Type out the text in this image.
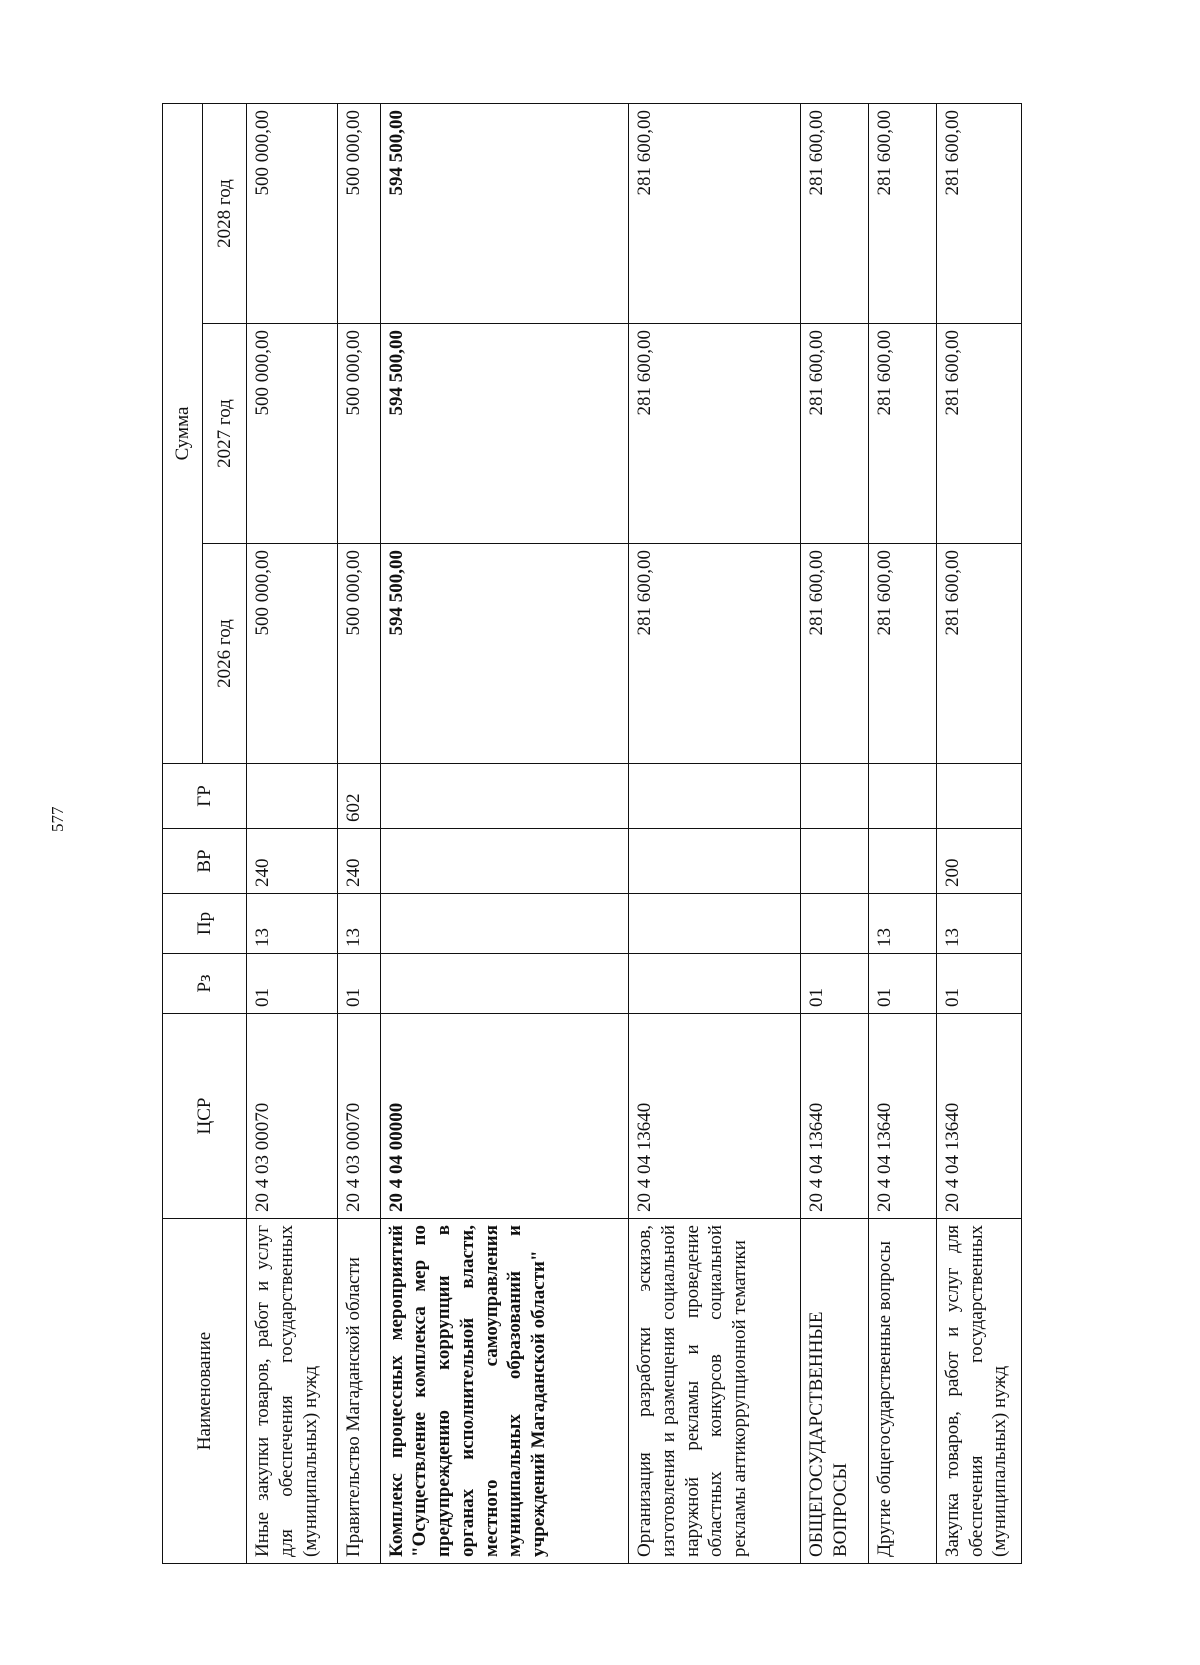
577
Наименование	ЦСР	Рз	Пр	ВР	ГР	Сумма		
						2026 год	2027 год	2028 год
Иные закупки товаров, работ и услуг для обеспечения государственных (муниципальных) нужд	20 4 03 00070	01	13	240		500 000,00	500 000,00	500 000,00
Правительство Магаданской области	20 4 03 00070	01	13	240	602	500 000,00	500 000,00	500 000,00
Комплекс процессных мероприятий "Осуществление комплекса мер по предупреждению коррупции в органах исполнительной власти, местного самоуправления муниципальных образований и учреждений Магаданской области"	20 4 04 00000					594 500,00	594 500,00	594 500,00
Организация разработки эскизов, изготовления и размещения социальной наружной рекламы и проведение областных конкурсов социальной рекламы антикоррупционной тематики	20 4 04 13640					281 600,00	281 600,00	281 600,00
ОБЩЕГОСУДАРСТВЕННЫЕ ВОПРОСЫ	20 4 04 13640	01				281 600,00	281 600,00	281 600,00
Другие общегосударственные вопросы	20 4 04 13640	01	13			281 600,00	281 600,00	281 600,00
Закупка товаров, работ и услуг для обеспечения государственных (муниципальных) нужд	20 4 04 13640	01	13	200		281 600,00	281 600,00	281 600,00
